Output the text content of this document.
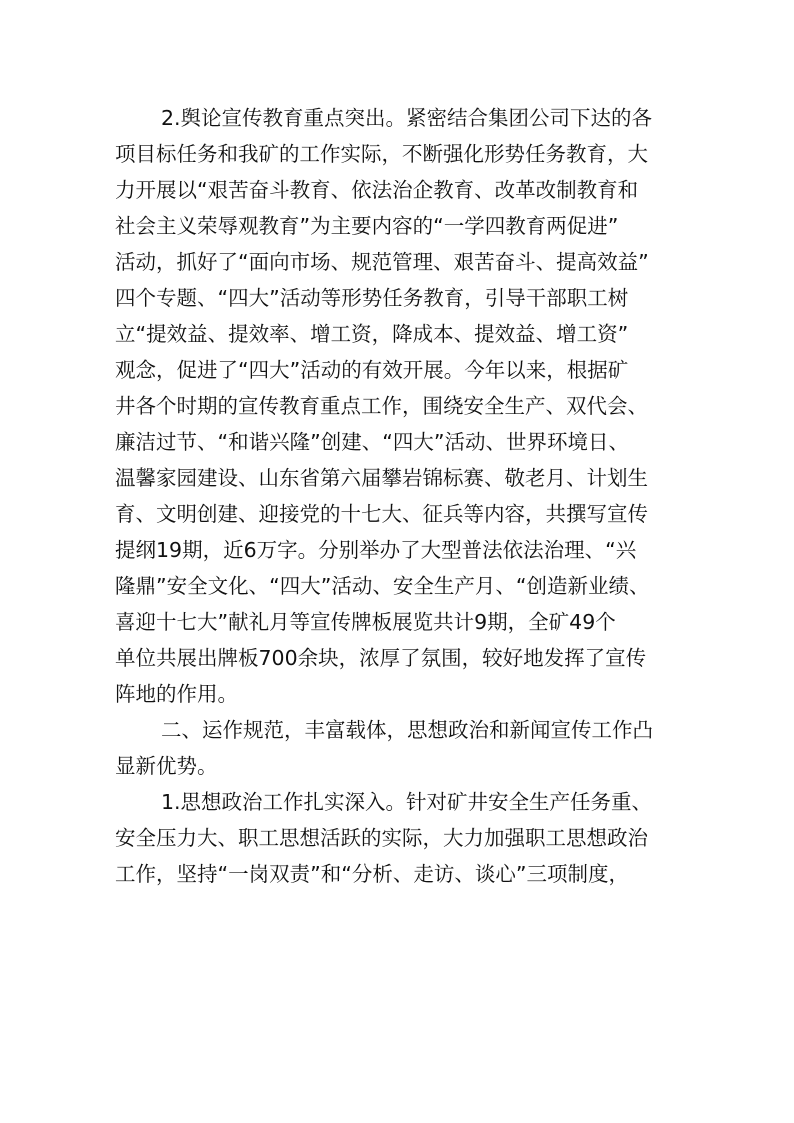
2.舆论宣传教育重点突出。紧密结合集团公司下达的各
项目标任务和我矿的工作实际，不断强化形势任务教育，大
力开展以“艰苦奋斗教育、依法治企教育、改革改制教育和
社会主义荣辱观教育”为主要内容的“一学四教育两促进”
活动，抓好了“面向市场、规范管理、艰苦奋斗、提高效益”
四个专题、“四大”活动等形势任务教育，引导干部职工树
立“提效益、提效率、增工资，降成本、提效益、增工资”
观念，促进了“四大”活动的有效开展。今年以来，根据矿
井各个时期的宣传教育重点工作，围绕安全生产、双代会、
廉洁过节、“和谐兴隆”创建、“四大”活动、世界环境日、
温馨家园建设、山东省第六届攀岩锦标赛、敬老月、计划生
育、文明创建、迎接党的十七大、征兵等内容，共撰写宣传
提纲19期，近6万字。分别举办了大型普法依法治理、“兴
隆鼎”安全文化、“四大”活动、安全生产月、“创造新业绩、
喜迎十七大”献礼月等宣传牌板展览共计9期，全矿49个
单位共展出牌板700余块，浓厚了氛围，较好地发挥了宣传
阵地的作用。
二、运作规范，丰富载体，思想政治和新闻宣传工作凸
显新优势。
1.思想政治工作扎实深入。针对矿井安全生产任务重、
安全压力大、职工思想活跃的实际，大力加强职工思想政治
工作，坚持“一岗双责”和“分析、走访、谈心”三项制度，
